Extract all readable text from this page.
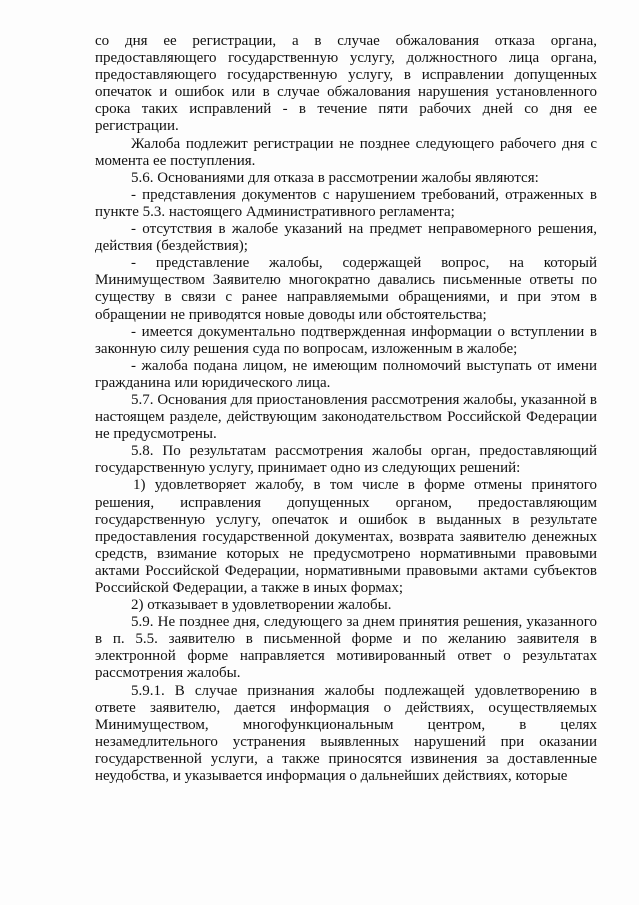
со дня ее регистрации, а в случае обжалования отказа органа, предоставляющего государственную услугу, должностного лица органа, предоставляющего государственную услугу, в исправлении допущенных опечаток и ошибок или в случае обжалования нарушения установленного срока таких исправлений - в течение пяти рабочих дней со дня ее регистрации.

Жалоба подлежит регистрации не позднее следующего рабочего дня с момента ее поступления.

5.6. Основаниями для отказа в рассмотрении жалобы являются:

- представления документов с нарушением требований, отраженных в пункте 5.3. настоящего Административного регламента;

- отсутствия в жалобе указаний на предмет неправомерного решения, действия (бездействия);

- представление жалобы, содержащей вопрос, на который Минимуществом Заявителю многократно давались письменные ответы по существу в связи с ранее направляемыми обращениями, и при этом в обращении не приводятся новые доводы или обстоятельства;

- имеется документально подтвержденная информации о вступлении в законную силу решения суда по вопросам, изложенным в жалобе;

- жалоба подана лицом, не имеющим полномочий выступать от имени гражданина или юридического лица.

5.7. Основания для приостановления рассмотрения жалобы, указанной в настоящем разделе, действующим законодательством Российской Федерации не предусмотрены.

5.8. По результатам рассмотрения жалобы орган, предоставляющий государственную услугу, принимает одно из следующих решений:

1) удовлетворяет жалобу, в том числе в форме отмены принятого решения, исправления допущенных органом, предоставляющим государственную услугу, опечаток и ошибок в выданных в результате предоставления государственной документах, возврата заявителю денежных средств, взимание которых не предусмотрено нормативными правовыми актами Российской Федерации, нормативными правовыми актами субъектов Российской Федерации, а также в иных формах;

2) отказывает в удовлетворении жалобы.

5.9. Не позднее дня, следующего за днем принятия решения, указанного в п. 5.5. заявителю в письменной форме и по желанию заявителя в электронной форме направляется мотивированный ответ о результатах рассмотрения жалобы.

5.9.1. В случае признания жалобы подлежащей удовлетворению в ответе заявителю, дается информация о действиях, осуществляемых Минимуществом, многофункциональным центром, в целях незамедлительного устранения выявленных нарушений при оказании государственной услуги, а также приносятся извинения за доставленные неудобства, и указывается информация о дальнейших действиях, которые
